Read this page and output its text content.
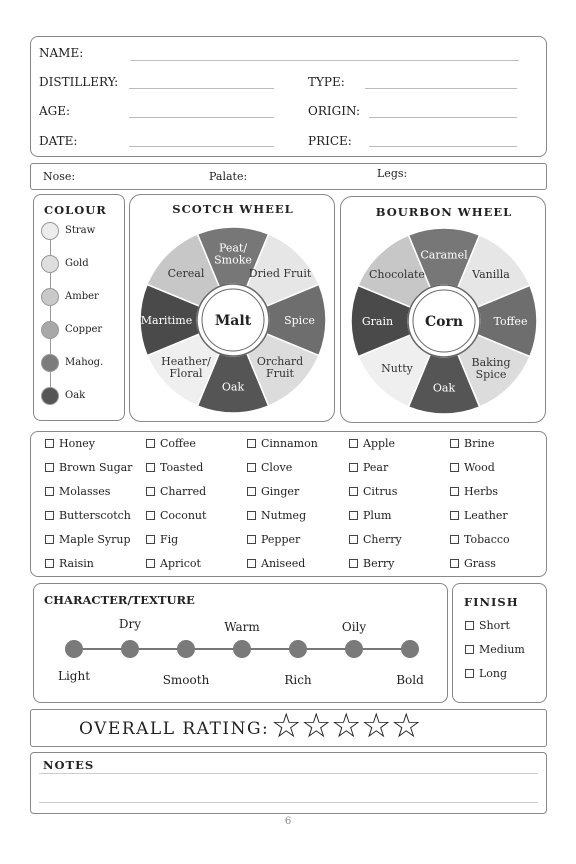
NAME:
DISTILLERY:	TYPE:
AGE:	ORIGIN:
DATE:	PRICE:
Nose:	Palate:	Legs:
COLOUR
Straw
Gold
Amber
Copper
Mahog.
Oak
SCOTCH WHEEL
Peat/ Smoke
Dried Fruit
Spice
Orchard Fruit
Oak
Heather/ Floral
Maritime
Cereal
Malt
BOURBON WHEEL
Caramel
Vanilla
Toffee
Baking Spice
Oak
Nutty
Grain
Chocolate
Corn
Honey	Coffee	Cinnamon	Apple	Brine
Brown Sugar	Toasted	Clove	Pear	Wood
Molasses	Charred	Ginger	Citrus	Herbs
Butterscotch	Coconut	Nutmeg	Plum	Leather
Maple Syrup	Fig	Pepper	Cherry	Tobacco
Raisin	Apricot	Aniseed	Berry	Grass
CHARACTER/TEXTURE
Dry	Warm	Oily
Light	Smooth	Rich	Bold
FINISH
Short
Medium
Long
OVERALL RATING: ☆ ☆ ☆ ☆ ☆
NOTES
6
